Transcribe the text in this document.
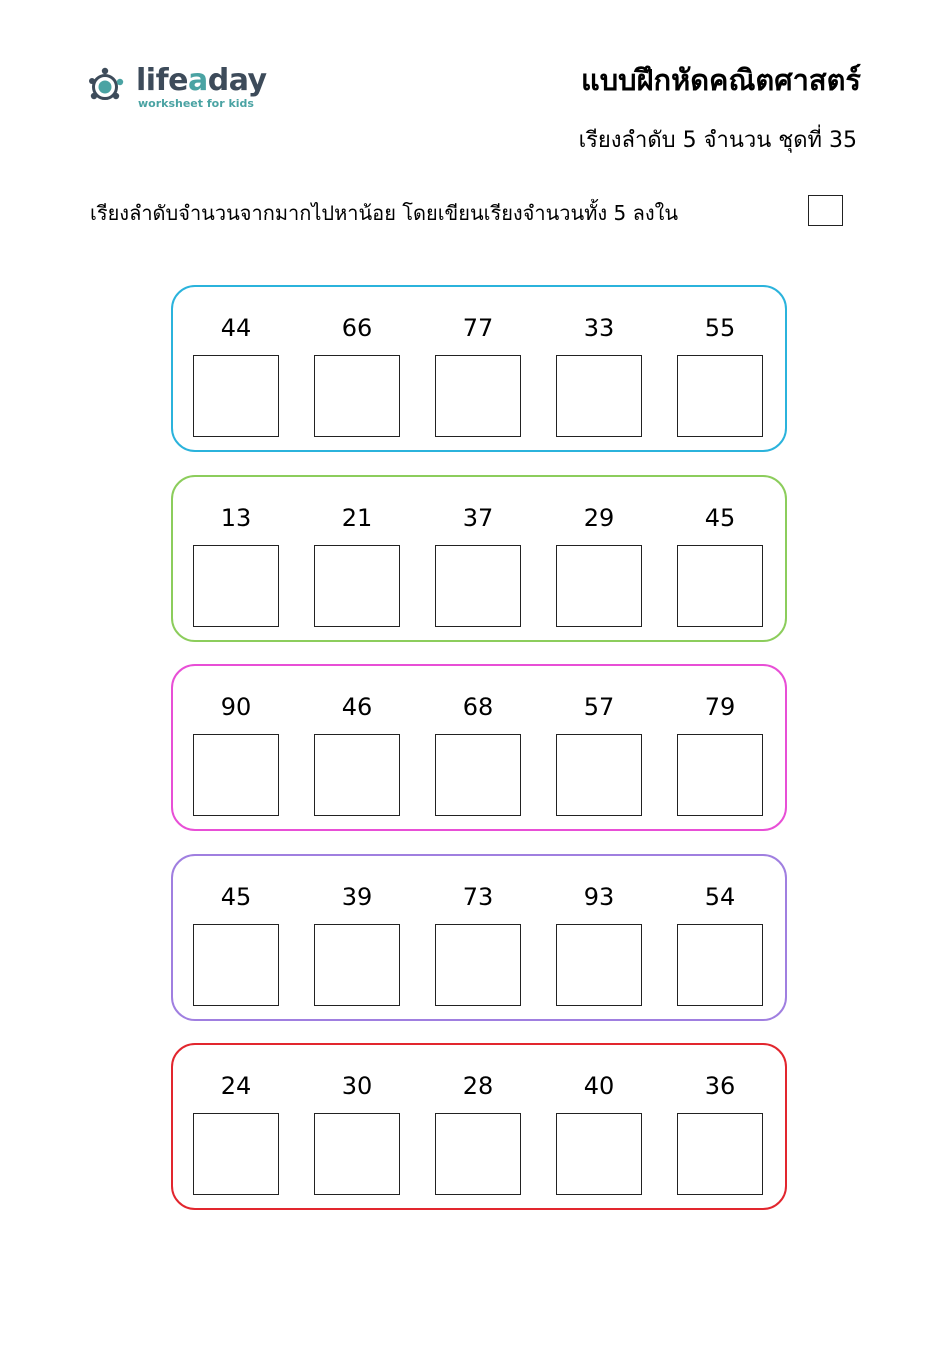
lifeaday
worksheet for kids
แบบฝึกหัดคณิตศาสตร์
เรียงลำดับ 5 จำนวน ชุดที่ 35
เรียงลำดับจำนวนจากมากไปหาน้อย โดยเขียนเรียงจำนวนทั้ง 5 ลงใน
44	66	77	33	55
13	21	37	29	45
90	46	68	57	79
45	39	73	93	54
24	30	28	40	36
